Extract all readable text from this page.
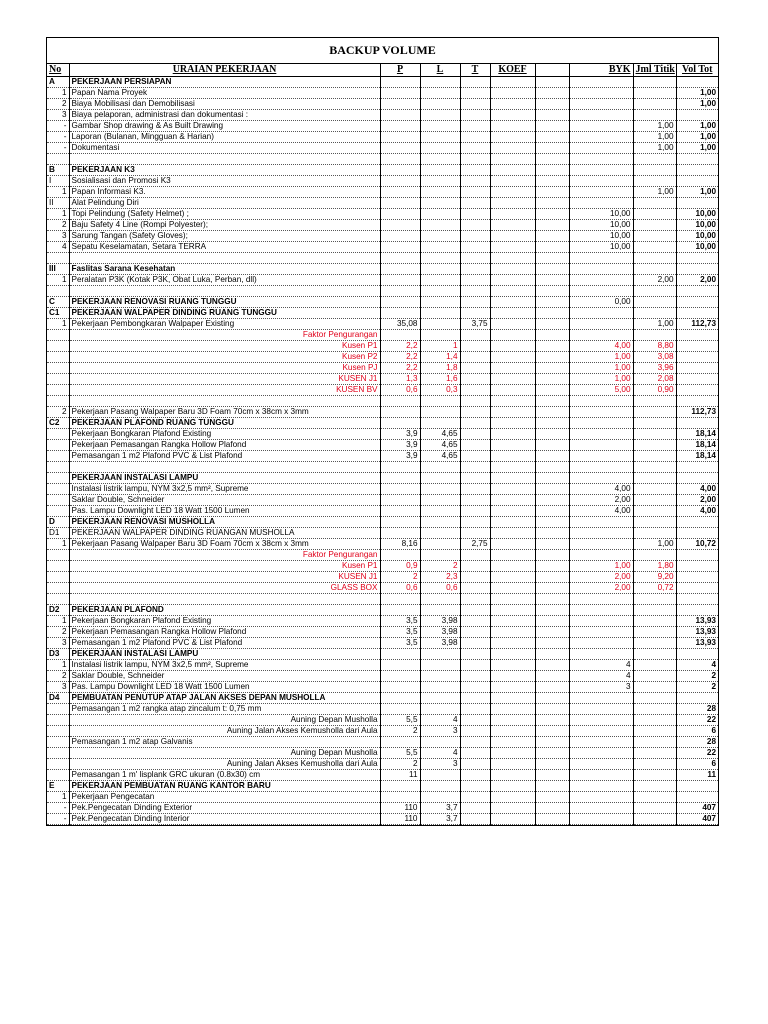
BACKUP VOLUME
No	URAIAN PEKERJAAN	P	L	T	KOEF		BYK	Jml Titik	Vol Tot
A	PEKERJAAN PERSIAPAN								
1	Papan Nama Proyek								1,00
2	Biaya Mobilisasi dan Demobilisasi								1,00
3	Biaya pelaporan, administrasi dan dokumentasi :								
-	Gambar Shop drawing & As Built Drawing							1,00	1,00
-	Laporan (Bulanan, Mingguan & Harian)							1,00	1,00
-	Dokumentasi							1,00	1,00

B	PEKERJAAN K3								
I	Sosialisasi dan Promosi K3								
1	Papan Informasi K3.							1,00	1,00
II	Alat Pelindung Diri								
1	Topi Pelindung (Safety Helmet) ;						10,00		10,00
2	Baju Safety 4 Line (Rompi Polyester);						10,00		10,00
3	Sarung Tangan (Safety Gloves);						10,00		10,00
4	Sepatu Keselamatan, Setara TERRA						10,00		10,00

III	Faslitas Sarana Kesehatan								
1	Peralatan P3K (Kotak P3K, Obat Luka, Perban, dll)							2,00	2,00

C	PEKERJAAN RENOVASI RUANG TUNGGU						0,00		
C1	PEKERJAAN WALPAPER DINDING RUANG TUNGGU								
1	Pekerjaan Pembongkaran Walpaper Existing	35,08		3,75				1,00	112,73
	Faktor Pengurangan								
	Kusen P1	2,2	1				4,00	8,80	
	Kusen P2	2,2	1,4				1,00	3,08	
	Kusen PJ	2,2	1,8				1,00	3,96	
	KUSEN J1	1,3	1,6				1,00	2,08	
	KUSEN BV	0,6	0,3				5,00	0,90	

2	Pekerjaan Pasang Walpaper Baru 3D Foam 70cm x 38cm x 3mm								112,73
C2	PEKERJAAN PLAFOND RUANG TUNGGU								
	Pekerjaan Bongkaran Plafond Existing	3,9	4,65						18,14
	Pekerjaan Pemasangan Rangka Hollow Plafond	3,9	4,65						18,14
	Pemasangan 1 m2 Plafond PVC & List Plafond	3,9	4,65						18,14

	PEKERJAAN INSTALASI LAMPU								
	Instalasi listrik lampu, NYM 3x2,5 mm², Supreme						4,00		4,00
	Saklar Double, Schneider						2,00		2,00
	Pas. Lampu Downlight LED 18 Watt 1500 Lumen						4,00		4,00
D	PEKERJAAN RENOVASI MUSHOLLA								
D1	PEKERJAAN WALPAPER DINDING RUANGAN MUSHOLLA								
1	Pekerjaan Pasang Walpaper Baru 3D Foam 70cm x 38cm x 3mm	8,16		2,75				1,00	10,72
	Faktor Pengurangan								
	Kusen P1	0,9	2				1,00	1,80	
	KUSEN J1	2	2,3				2,00	9,20	
	GLASS BOX	0,6	0,6				2,00	0,72	

D2	PEKERJAAN PLAFOND								
1	Pekerjaan Bongkaran Plafond Existing	3,5	3,98						13,93
2	Pekerjaan Pemasangan Rangka Hollow Plafond	3,5	3,98						13,93
3	Pemasangan 1 m2 Plafond PVC & List Plafond	3,5	3,98						13,93
D3	PEKERJAAN INSTALASI LAMPU								
1	Instalasi listrik lampu, NYM 3x2,5 mm², Supreme						4		4
2	Saklar Double, Schneider						4		2
3	Pas. Lampu Downlight LED 18 Watt 1500 Lumen						3		2
D4	PEMBUATAN PENUTUP ATAP JALAN AKSES DEPAN MUSHOLLA								
	Pemasangan 1 m2 rangka atap zincalum t: 0,75 mm								28
	Auning Depan Musholla	5,5	4						22
	Auning Jalan Akses Kemusholla dari Aula	2	3						6
	Pemasangan 1 m2 atap Galvanis								28
	Auning Depan Musholla	5,5	4						22
	Auning Jalan Akses Kemusholla dari Aula	2	3						6
	Pemasangan 1 m' lisplank GRC ukuran (0.8x30) cm	11							11
E	PEKERJAAN PEMBUATAN RUANG KANTOR BARU								
1	Pekerjaan Pengecatan								
-	Pek.Pengecatan Dinding Exterior	110	3,7						407
-	Pek.Pengecatan Dinding Interior	110	3,7						407
